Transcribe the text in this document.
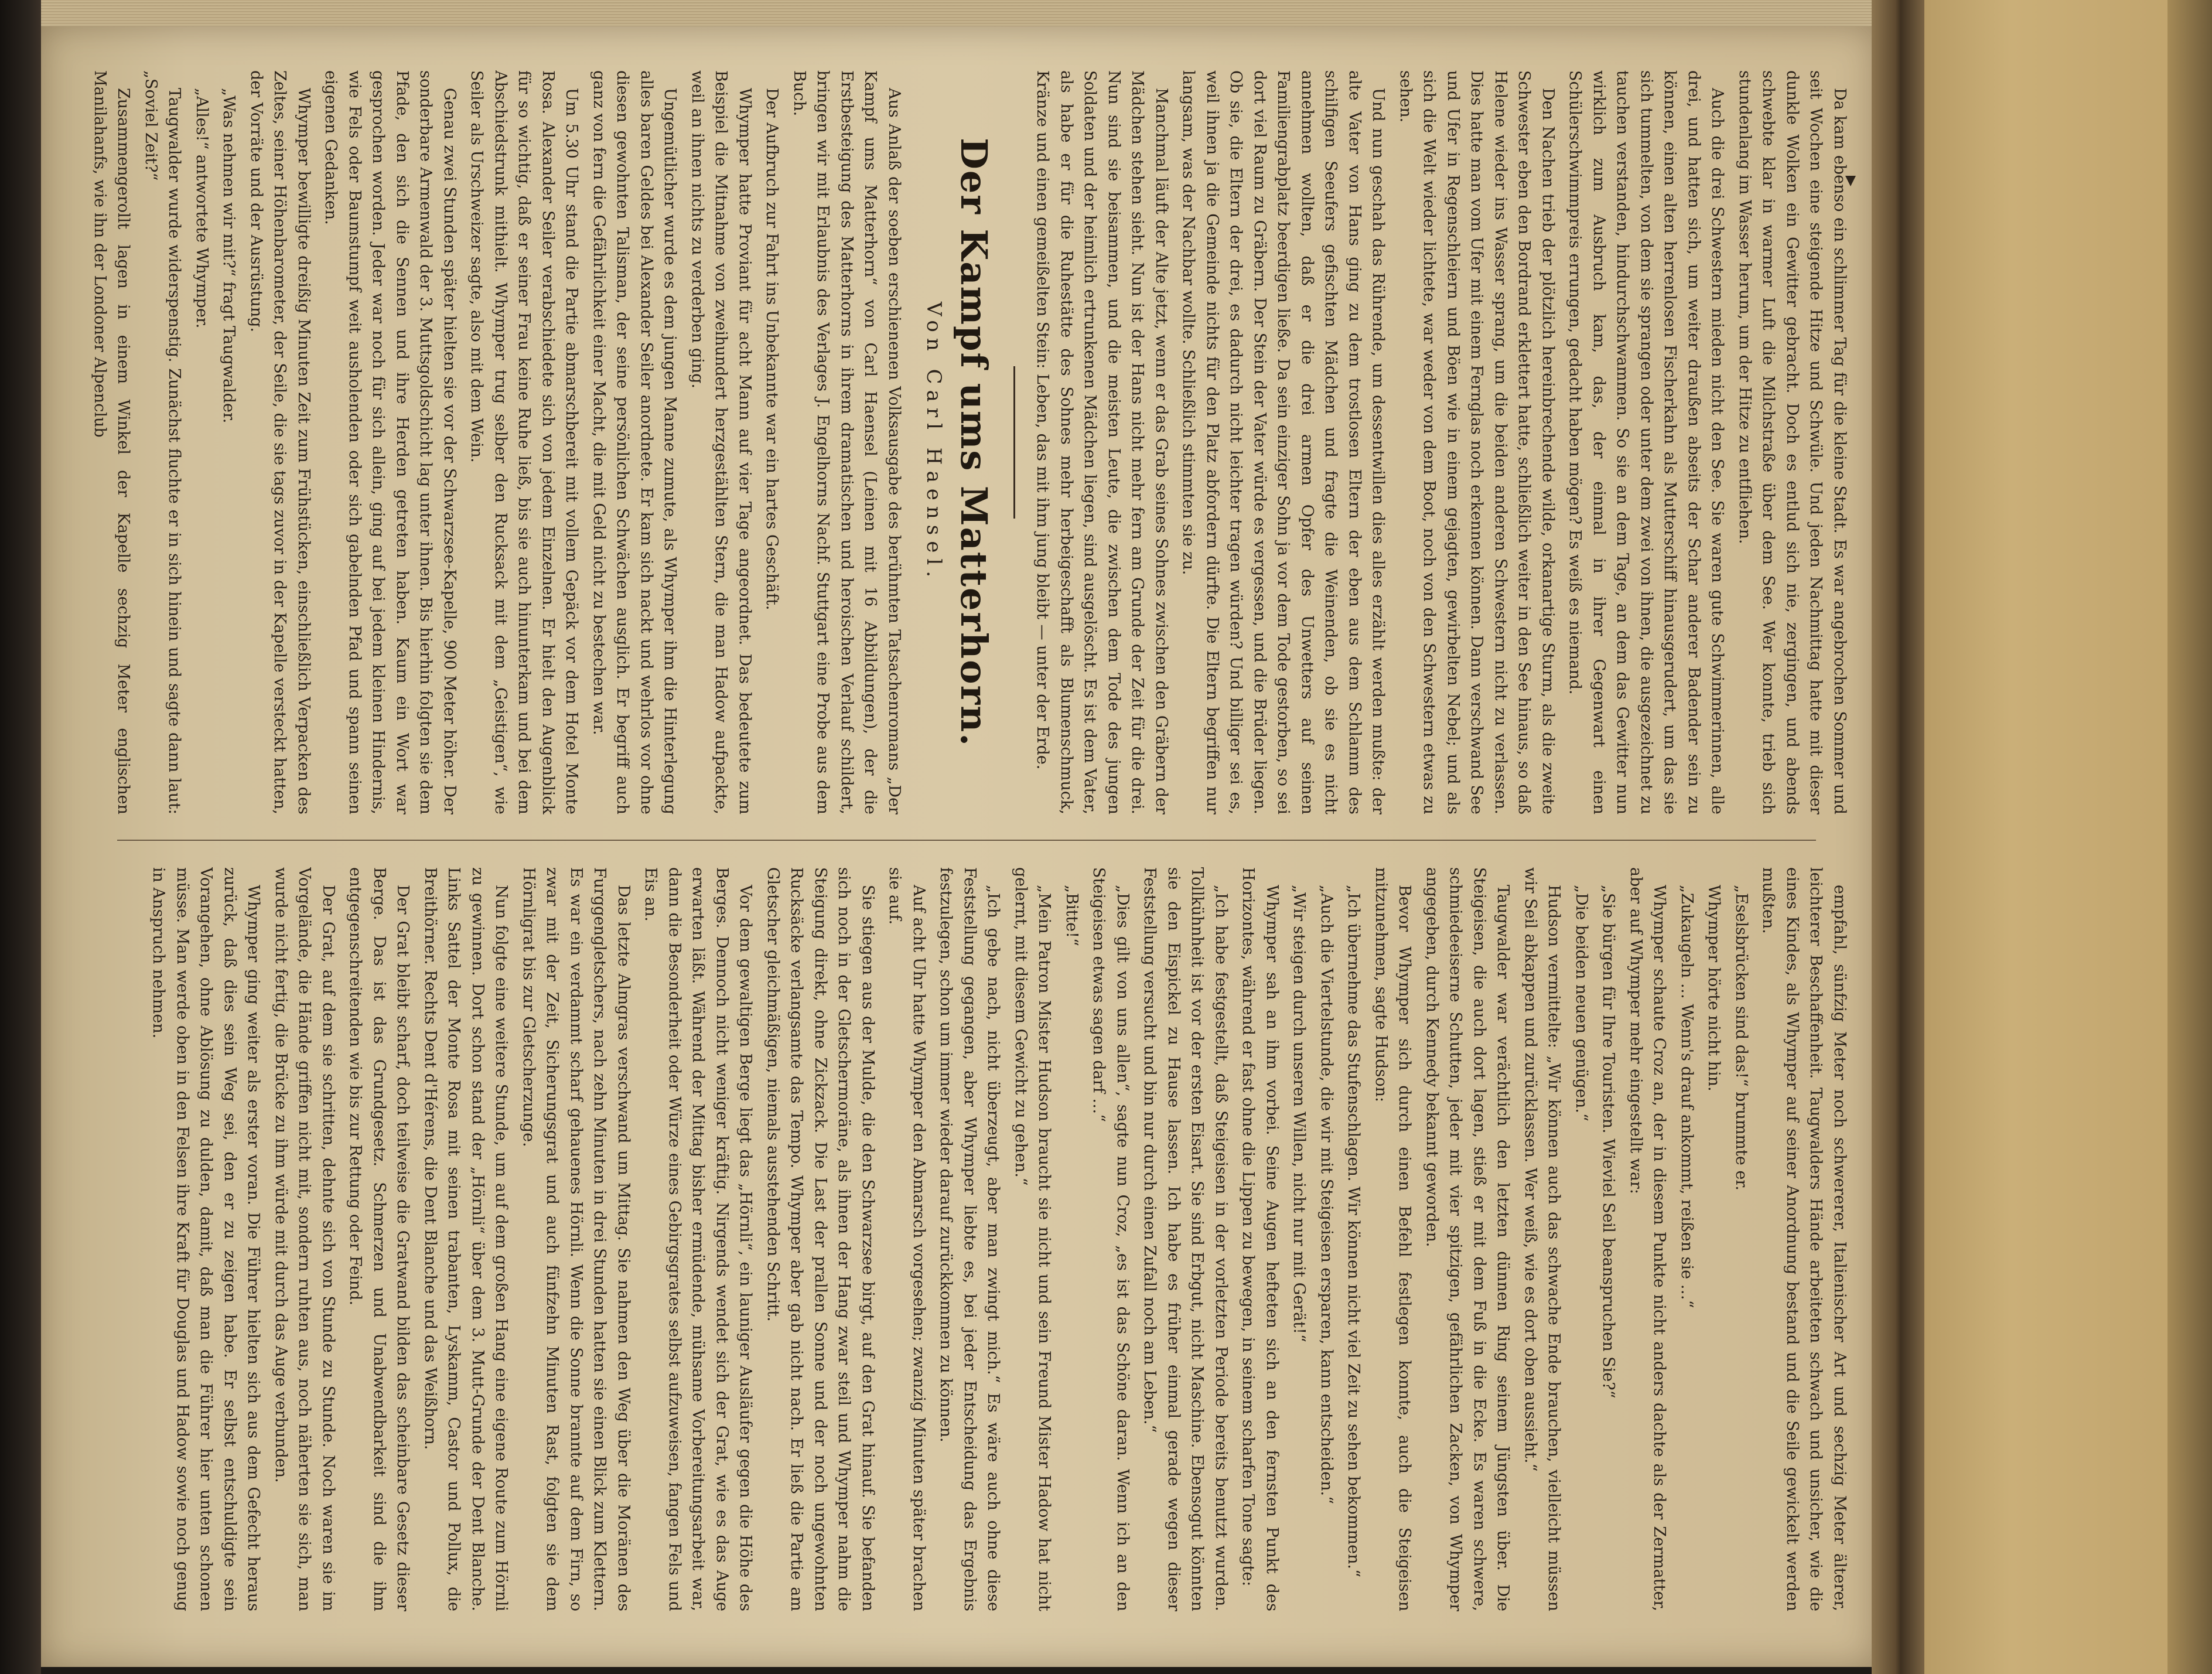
Da kam ebenso ein schlimmer Tag für die kleine Stadt. Es war angebrochen Sommer und seit Wochen eine steigende Hitze und Schwüle. Und jeden Nachmittag hatte mit dieser dunkle Wolken ein Gewitter gebracht. Doch es entlud sich nie, zergingen, und abends schwebte klar in warmer Luft die Milchstraße über dem See. Wer konnte, trieb sich stundenlang im Wasser herum, um der Hitze zu entfliehen.

Auch die drei Schwestern mieden nicht den See. Sie waren gute Schwimmerinnen, alle drei, und hatten sich, um weiter draußen abseits der Schar anderer Badender sein zu können, einen alten herrenlosen Fischerkahn als Mutterschiff hinausgerudert, um das sie sich tummelten, von dem sie sprangen oder unter dem zwei von ihnen, die ausgezeichnet zu tauchen verstanden, hindurchschwammen. So sie an dem Tage, an dem das Gewitter nun wirklich zum Ausbruch kam, das, der einmal in ihrer Gegenwart einen Schülerschwimmpreis errungen, gedacht haben mögen? Es weiß es niemand.

Den Nachen trieb der plötzlich hereinbrechende wilde, orkanartige Sturm, als die zweite Schwester eben den Bordrand erklettert hatte, schließlich weiter in den See hinaus, so daß Helene wieder ins Wasser sprang, um die beiden anderen Schwestern nicht zu verlassen. Dies hatte man vom Ufer mit einem Fernglas noch erkennen können. Dann verschwand See und Ufer in Regenschleiern und Böen wie in einem gejagten, gewirbelten Nebel; und als sich die Welt wieder lichtete, war weder von dem Boot, noch von den Schwestern etwas zu sehen.

Und nun geschah das Rührende, um dessentwillen dies alles erzählt werden mußte: der alte Vater von Hans ging zu dem trostlosen Eltern der eben aus dem Schlamm des schilfigen Seeufers gefischten Mädchen und fragte die Weinenden, ob sie es nicht annehmen wollten, daß er die drei armen Opfer des Unwetters auf seinen Familiengrabplatz beerdigen ließe. Da sein einziger Sohn ja vor dem Tode gestorben, so sei dort viel Raum zu Gräbern. Der Stein der Vater würde es vergessen, und die Brüder liegen. Ob sie, die Eltern der drei, es dadurch nicht leichter tragen würden? Und billiger sei es, weil ihnen ja die Gemeinde nichts für den Platz abfordern dürfte. Die Eltern begriffen nur langsam, was der Nachbar wollte. Schließlich stimmten sie zu.

Manchmal läuft der Alte jetzt, wenn er das Grab seines Sohnes zwischen den Gräbern der Mädchen stehen sieht. Nun ist der Hans nicht mehr fern am Grunde der Zeit für die drei. Nun sind sie beisammen, und die meisten Leute, die zwischen dem Tode des jungen Soldaten und der heimlich ertrunkenen Mädchen liegen, sind ausgelöscht. Es ist dem Vater, als habe er für die Ruhestätte des Sohnes mehr herbeigeschafft als Blumenschmuck, Kränze und einen gemeißelten Stein: Leben, das mit ihm jung bleibt — unter der Erde.

Der Kampf ums Matterhorn.
Von Carl Haensel.

Aus Anlaß der soeben erschienenen Volksausgabe des berühmten Tatsachenromans „Der Kampf ums Matterhorn“ von Carl Haensel (Leinen mit 16 Abbildungen), der die Erstbesteigung des Matterhorns in ihrem dramatischen und heroischen Verlauf schildert, bringen wir mit Erlaubnis des Verlages J. Engelhorns Nachf. Stuttgart eine Probe aus dem Buch.

Der Aufbruch zur Fahrt ins Unbekannte war ein hartes Geschäft.

Whymper hatte Proviant für acht Mann auf vier Tage angeordnet. Das bedeutete zum Beispiel die Mitnahme von zweihundert herzgestählten Stern, die man Hadow aufpackte, weil an ihnen nichts zu verderben ging.

Ungemütlicher wurde es dem jungen Manne zumute, als Whymper ihm die Hinterlegung alles baren Geldes bei Alexander Seiler anordnete. Er kam sich nackt und wehrlos vor ohne diesen gewohnten Talisman, der seine persönlichen Schwächen ausglich. Er begriff auch ganz von fern die Gefährlichkeit einer Macht, die mit Geld nicht zu bestechen war.

Um 5.30 Uhr stand die Partie abmarschbereit mit vollem Gepäck vor dem Hotel Monte Rosa. Alexander Seiler verabschiedete sich von jedem Einzelnen. Er hielt den Augenblick für so wichtig, daß er seiner Frau keine Ruhe ließ, bis sie auch hinunterkam und bei dem Abschiedstrunk mithielt. Whymper trug selber den Rucksack mit dem „Geistigen“, wie Seiler als Urschweizer sagte, also mit dem Wein.

Genau zwei Stunden später hielten sie vor der Schwarzsee-Kapelle, 900 Meter höher. Der sonderbare Armenwald der 3. Muttsgoldschicht lag unter ihnen. Bis hierhin folgten sie dem Pfade, den sich die Sennen und ihre Herden getreten haben. Kaum ein Wort war gesprochen worden. Jeder war noch für sich allein, ging auf bei jedem kleinen Hindernis, wie Fels oder Baumstumpf weit ausholenden oder sich gabelnden Pfad und spann seinen eigenen Gedanken.

Whymper bewilligte dreißig Minuten Zeit zum Frühstücken, einschließlich Verpacken des Zeltes, seiner Höhenbarometer, der Seile, die sie tags zuvor in der Kapelle versteckt hatten, der Vorräte und der Ausrüstung.

„Was nehmen wir mit?“ fragt Taugwalder.

„Alles!“ antwortete Whymper.

Taugwalder wurde widerspenstig. Zunächst fluchte er in sich hinein und sagte dann laut: „Soviel Zeit?“

Zusammengerollt lagen in einem Winkel der Kapelle sechzig Meter englischen Manilahanfs, wie ihn der Londoner Alpenclub

empfahl, sünfzig Meter noch schwererer, Italienischer Art und sechzig Meter älterer, leichterer Beschaffenheit. Taugwalders Hände arbeiteten schwach und unsicher, wie die eines Kindes, als Whymper auf seiner Anordnung bestand und die Seile gewickelt werden mußten.

„Eselsbrücken sind das!“ brummte er.

Whymper hörte nicht hin.

„Zukaugeln … Wenn's drauf ankommt, reißen sie …“

Whymper schaute Croz an, der in diesem Punkte nicht anders dachte als der Zermatter, aber auf Whymper mehr eingestellt war:

„Sie bürgen für Ihre Touristen. Wieviel Seil beanspruchen Sie?“

„Die beiden neuen genügen.“

Hudson vermittelte: „Wir können auch das schwache Ende brauchen, vielleicht müssen wir Seil abkappen und zurücklassen. Wer weiß, wie es dort oben aussieht.“

Taugwalder war verächtlich den letzten dünnen Ring seinem Jüngsten über. Die Steigeisen, die auch dort lagen, stieß er mit dem Fuß in die Ecke. Es waren schwere, schmiedeeiserne Schutten, jeder mit vier spitzigen, gefährlichen Zacken, von Whymper angegeben, durch Kennedy bekannt geworden.

Bevor Whymper sich durch einen Befehl festlegen konnte, auch die Steigeisen mitzunehmen, sagte Hudson:

„Ich übernehme das Stufenschlagen. Wir können nicht viel Zeit zu sehen bekommen.“

„Auch die Viertelstunde, die wir mit Steigeisen ersparen, kann entscheiden.“

„Wir steigen durch unseren Willen, nicht nur mit Gerät!“

Whymper sah an ihm vorbei. Seine Augen hefteten sich an den fernsten Punkt des Horizontes, während er fast ohne die Lippen zu bewegen, in seinem scharfen Tone sagte:

„Ich habe festgestellt, daß Steigeisen in der vorletzten Periode bereits benutzt wurden. Tollkühnheit ist vor der ersten Eisart. Sie sind Erbgut, nicht Maschine. Ebensogut könnten sie den Eispickel zu Hause lassen. Ich habe es früher einmal gerade wegen dieser Feststellung versucht und bin nur durch einen Zufall noch am Leben.“

„Dies gilt von uns allen“, sagte nun Croz, „es ist das Schöne daran. Wenn ich an den Steigeisen etwas sagen darf …“

„Bitte!“

„Mein Patron Mister Hudson braucht sie nicht und sein Freund Mister Hadow hat nicht gelernt, mit diesem Gewicht zu gehen.“

„Ich gebe nach, nicht überzeugt, aber man zwingt mich.“ Es wäre auch ohne diese Feststellung gegangen, aber Whymper liebte es, bei jeder Entscheidung das Ergebnis festzulegen, schon um immer wieder darauf zurückkommen zu können.

Auf acht Uhr hatte Whymper den Abmarsch vorgesehen; zwanzig Minuten später brachen sie auf.

Sie stiegen aus der Mulde, die den Schwarzsee birgt, auf den Grat hinauf. Sie befanden sich noch in der Gletschermoräne, als ihnen der Hang zwar steil und Whymper nahm die Steigung direkt, ohne Zickzack. Die Last der prallen Sonne und der noch ungewohnten Rucksäcke verlangsamte das Tempo. Whymper aber gab nicht nach. Er ließ die Partie am Gletscher gleichmäßigen, niemals ausstehenden Schritt.

Vor dem gewaltigen Berge liegt das „Hörnli“, ein launiger Ausläufer gegen die Höhe des Berges. Dennoch nicht weniger kräftig. Nirgends wendet sich der Grat, wie es das Auge erwarten läßt. Während der Mittag bisher ermüdende, mühsame Vorbereitungsarbeit war, dann die Besonderheit oder Würze eines Gebirgsgrates selbst aufzuweisen, fangen Fels und Eis an.

Das letzte Almgras verschwand um Mittag. Sie nahmen den Weg über die Moränen des Furggengletschers, nach zehn Minuten in drei Stunden hatten sie einen Blick zum Klettern. Es war ein verdammt scharf gehauenes Hörnli. Wenn die Sonne brannte auf dem Firn, so zwar mit der Zeit, Sicherungsgrat und auch fünfzehn Minuten Rast, folgten sie dem Hörnligrat bis zur Gletscherzunge.

Nun folgte eine weitere Stunde, um auf dem großen Hang eine eigene Route zum Hörnli zu gewinnen. Dort schon stand der „Hörnli“ über dem 3. Mutt-Grunde der Dent Blanche. Links Sattel der Monte Rosa mit seinen trabanten, Lyskamm, Castor und Pollux, die Breithörner. Rechts Dent d'Hérens, die Dent Blanche und das Weißhorn.

Der Grat bleibt scharf, doch teilweise die Gratwand bilden das scheinbare Gesetz dieser Berge. Das ist das Grundgesetz. Schmerzen und Unabwendbarkeit sind die ihm entgegenschreitenden wie bis zur Rettung oder Feind.

Der Grat, auf dem sie schritten, dehnte sich von Stunde zu Stunde. Noch waren sie im Vorgelände, die Hände griffen nicht mit, sondern ruhten aus, noch näherten sie sich, man wurde nicht fertig, die Brücke zu ihm würde mit durch das Auge verbunden.

Whymper ging weiter als erster voran. Die Führer hielten sich aus dem Gefecht heraus zurück, daß dies sein Weg sei, den er zu zeigen habe. Er selbst entschuldigte sein Vorangehen, ohne Ablösung zu dulden, damit, daß man die Führer hier unten schonen müsse. Man werde oben in den Felsen ihre Kraft für Douglas und Hadow sowie noch genug in Anspruch nehmen.
